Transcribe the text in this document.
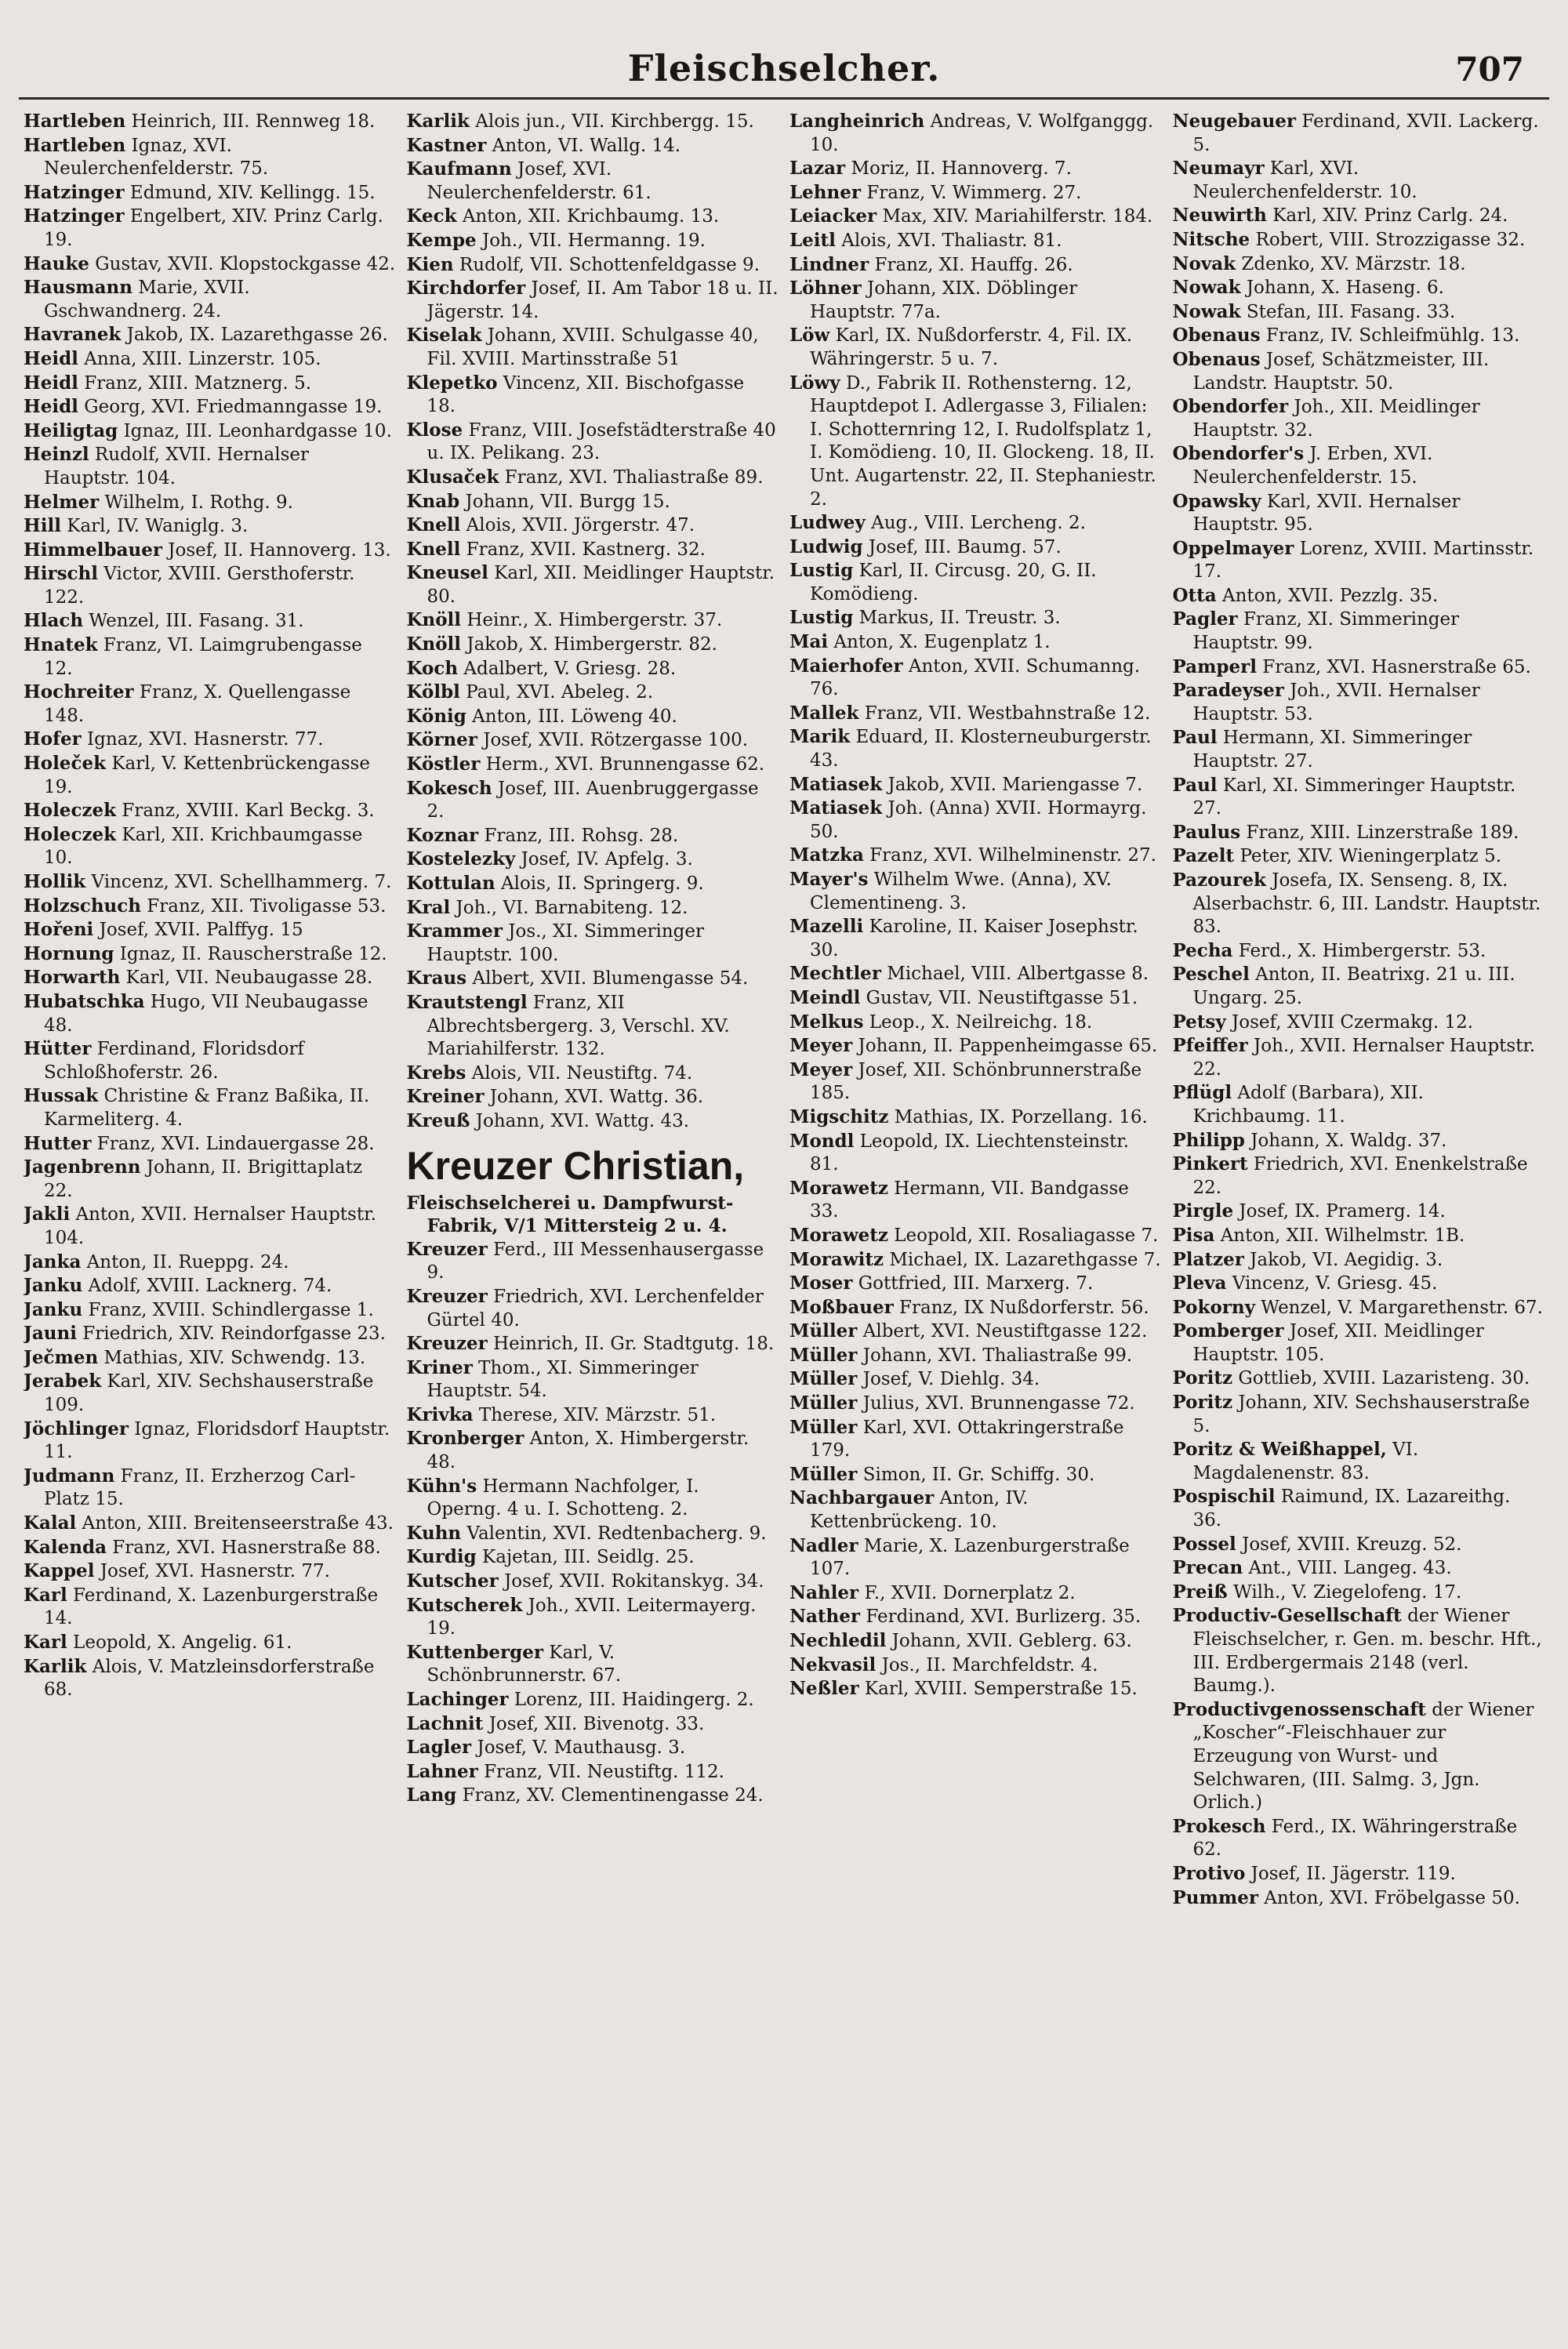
Fleischselcher.	707

Hartleben Heinrich, III. Rennweg 18.

Hartleben Ignaz, XVI. Neulerchenfelderstr. 75.

Hatzinger Edmund, XIV. Kellingg. 15.

Hatzinger Engelbert, XIV. Prinz Carlg. 19.

Hauke Gustav, XVII. Klopstockgasse 42.

Hausmann Marie, XVII. Gschwandnerg. 24.

Havranek Jakob, IX. Lazarethgasse 26.

Heidl Anna, XIII. Linzerstr. 105.

Heidl Franz, XIII. Matznerg. 5.

Heidl Georg, XVI. Friedmanngasse 19.

Heiligtag Ignaz, III. Leonhardgasse 10.

Heinzl Rudolf, XVII. Hernalser Hauptstr. 104.

Helmer Wilhelm, I. Rothg. 9.

Hill Karl, IV. Waniglg. 3.

Himmelbauer Josef, II. Hannoverg. 13.

Hirschl Victor, XVIII. Gersthoferstr. 122.

Hlach Wenzel, III. Fasang. 31.

Hnatek Franz, VI. Laimgrubengasse 12.

Hochreiter Franz, X. Quellengasse 148.

Hofer Ignaz, XVI. Hasnerstr. 77.

Holeček Karl, V. Kettenbrückengasse 19.

Holeczek Franz, XVIII. Karl Beckg. 3.

Holeczek Karl, XII. Krichbaumgasse 10.

Hollik Vincenz, XVI. Schellhammerg. 7.

Holzschuch Franz, XII. Tivoligasse 53.

Hořeni Josef, XVII. Palffyg. 15

Hornung Ignaz, II. Rauscherstraße 12.

Horwarth Karl, VII. Neubaugasse 28.

Hubatschka Hugo, VII Neubaugasse 48.

Hütter Ferdinand, Floridsdorf Schloßhoferstr. 26.

Hussak Christine & Franz Baßika, II. Karmeliterg. 4.

Hutter Franz, XVI. Lindauergasse 28.

Jagenbrenn Johann, II. Brigittaplatz 22.

Jakli Anton, XVII. Hernalser Hauptstr. 104.

Janka Anton, II. Rueppg. 24.

Janku Adolf, XVIII. Lacknerg. 74.

Janku Franz, XVIII. Schindlergasse 1.

Jauni Friedrich, XIV. Reindorfgasse 23.

Ječmen Mathias, XIV. Schwendg. 13.

Jerabek Karl, XIV. Sechshauserstraße 109.

Jöchlinger Ignaz, Floridsdorf Hauptstr. 11.

Judmann Franz, II. Erzherzog Carl-Platz 15.

Kalal Anton, XIII. Breitenseerstraße 43.

Kalenda Franz, XVI. Hasnerstraße 88.

Kappel Josef, XVI. Hasnerstr. 77.

Karl Ferdinand, X. Lazenburgerstraße 14.

Karl Leopold, X. Angelig. 61.

Karlik Alois, V. Matzleinsdorferstraße 68.

Karlik Alois jun., VII. Kirchbergg. 15.

Kastner Anton, VI. Wallg. 14.

Kaufmann Josef, XVI. Neulerchenfelderstr. 61.

Keck Anton, XII. Krichbaumg. 13.

Kempe Joh., VII. Hermanng. 19.

Kien Rudolf, VII. Schottenfeldgasse 9.

Kirchdorfer Josef, II. Am Tabor 18 u. II. Jägerstr. 14.

Kiselak Johann, XVIII. Schulgasse 40, Fil. XVIII. Martinsstraße 51

Klepetko Vincenz, XII. Bischofgasse 18.

Klose Franz, VIII. Josefstädterstraße 40 u. IX. Pelikang. 23.

Klusaček Franz, XVI. Thaliastraße 89.

Knab Johann, VII. Burgg 15.

Knell Alois, XVII. Jörgerstr. 47.

Knell Franz, XVII. Kastnerg. 32.

Kneusel Karl, XII. Meidlinger Hauptstr. 80.

Knöll Heinr., X. Himbergerstr. 37.

Knöll Jakob, X. Himbergerstr. 82.

Koch Adalbert, V. Griesg. 28.

Kölbl Paul, XVI. Abeleg. 2.

König Anton, III. Löweng 40.

Körner Josef, XVII. Rötzergasse 100.

Köstler Herm., XVI. Brunnengasse 62.

Kokesch Josef, III. Auenbruggergasse 2.

Koznar Franz, III. Rohsg. 28.

Kostelezky Josef, IV. Apfelg. 3.

Kottulan Alois, II. Springerg. 9.

Kral Joh., VI. Barnabiteng. 12.

Krammer Jos., XI. Simmeringer Hauptstr. 100.

Kraus Albert, XVII. Blumengasse 54.

Krautstengl Franz, XII Albrechtsbergerg. 3, Verschl. XV. Mariahilferstr. 132.

Krebs Alois, VII. Neustiftg. 74.

Kreiner Johann, XVI. Wattg. 36.

Kreuß Johann, XVI. Wattg. 43.

Kreuzer Christian,

Fleischselcherei u. Dampfwurst-Fabrik, V/1 Mittersteig 2 u. 4.

Kreuzer Ferd., III Messenhausergasse 9.

Kreuzer Friedrich, XVI. Lerchenfelder Gürtel 40.

Kreuzer Heinrich, II. Gr. Stadtgutg. 18.

Kriner Thom., XI. Simmeringer Hauptstr. 54.

Krivka Therese, XIV. Märzstr. 51.

Kronberger Anton, X. Himbergerstr. 48.

Kühn's Hermann Nachfolger, I. Operng. 4 u. I. Schotteng. 2.

Kuhn Valentin, XVI. Redtenbacherg. 9.

Kurdig Kajetan, III. Seidlg. 25.

Kutscher Josef, XVII. Rokitanskyg. 34.

Kutscherek Joh., XVII. Leitermayerg. 19.

Kuttenberger Karl, V. Schönbrunnerstr. 67.

Lachinger Lorenz, III. Haidingerg. 2.

Lachnit Josef, XII. Bivenotg. 33.

Lagler Josef, V. Mauthausg. 3.

Lahner Franz, VII. Neustiftg. 112.

Lang Franz, XV. Clementinengasse 24.

Langheinrich Andreas, V. Wolfganggg. 10.

Lazar Moriz, II. Hannoverg. 7.

Lehner Franz, V. Wimmerg. 27.

Leiacker Max, XIV. Mariahilferstr. 184.

Leitl Alois, XVI. Thaliastr. 81.

Lindner Franz, XI. Hauffg. 26.

Löhner Johann, XIX. Döblinger Hauptstr. 77a.

Löw Karl, IX. Nußdorferstr. 4, Fil. IX. Währingerstr. 5 u. 7.

Löwy D., Fabrik II. Rothensterng. 12, Hauptdepot I. Adlergasse 3, Filialen: I. Schotternring 12, I. Rudolfsplatz 1, I. Komödieng. 10, II. Glockeng. 18, II. Unt. Augartenstr. 22, II. Stephaniestr. 2.

Ludwey Aug., VIII. Lercheng. 2.

Ludwig Josef, III. Baumg. 57.

Lustig Karl, II. Circusg. 20, G. II. Komödieng.

Lustig Markus, II. Treustr. 3.

Mai Anton, X. Eugenplatz 1.

Maierhofer Anton, XVII. Schumanng. 76.

Mallek Franz, VII. Westbahnstraße 12.

Marik Eduard, II. Klosterneuburgerstr. 43.

Matiasek Jakob, XVII. Mariengasse 7.

Matiasek Joh. (Anna) XVII. Hormayrg. 50.

Matzka Franz, XVI. Wilhelminenstr. 27.

Mayer's Wilhelm Wwe. (Anna), XV. Clementineng. 3.

Mazelli Karoline, II. Kaiser Josephstr. 30.

Mechtler Michael, VIII. Albertgasse 8.

Meindl Gustav, VII. Neustiftgasse 51.

Melkus Leop., X. Neilreichg. 18.

Meyer Johann, II. Pappenheimgasse 65.

Meyer Josef, XII. Schönbrunnerstraße 185.

Migschitz Mathias, IX. Porzellang. 16.

Mondl Leopold, IX. Liechtensteinstr. 81.

Morawetz Hermann, VII. Bandgasse 33.

Morawetz Leopold, XII. Rosaliagasse 7.

Morawitz Michael, IX. Lazarethgasse 7.

Moser Gottfried, III. Marxerg. 7.

Moßbauer Franz, IX Nußdorferstr. 56.

Müller Albert, XVI. Neustiftgasse 122.

Müller Johann, XVI. Thaliastraße 99.

Müller Josef, V. Diehlg. 34.

Müller Julius, XVI. Brunnengasse 72.

Müller Karl, XVI. Ottakringerstraße 179.

Müller Simon, II. Gr. Schiffg. 30.

Nachbargauer Anton, IV. Kettenbrückeng. 10.

Nadler Marie, X. Lazenburgerstraße 107.

Nahler F., XVII. Dornerplatz 2.

Nather Ferdinand, XVI. Burlizerg. 35.

Nechledil Johann, XVII. Geblerg. 63.

Nekvasil Jos., II. Marchfeldstr. 4.

Neßler Karl, XVIII. Semperstraße 15.

Neugebauer Ferdinand, XVII. Lackerg. 5.

Neumayr Karl, XVI. Neulerchenfelderstr. 10.

Neuwirth Karl, XIV. Prinz Carlg. 24.

Nitsche Robert, VIII. Strozzigasse 32.

Novak Zdenko, XV. Märzstr. 18.

Nowak Johann, X. Haseng. 6.

Nowak Stefan, III. Fasang. 33.

Obenaus Franz, IV. Schleifmühlg. 13.

Obenaus Josef, Schätzmeister, III. Landstr. Hauptstr. 50.

Obendorfer Joh., XII. Meidlinger Hauptstr. 32.

Obendorfer's J. Erben, XVI. Neulerchenfelderstr. 15.

Opawsky Karl, XVII. Hernalser Hauptstr. 95.

Oppelmayer Lorenz, XVIII. Martinsstr. 17.

Otta Anton, XVII. Pezzlg. 35.

Pagler Franz, XI. Simmeringer Hauptstr. 99.

Pamperl Franz, XVI. Hasnerstraße 65.

Paradeyser Joh., XVII. Hernalser Hauptstr. 53.

Paul Hermann, XI. Simmeringer Hauptstr. 27.

Paul Karl, XI. Simmeringer Hauptstr. 27.

Paulus Franz, XIII. Linzerstraße 189.

Pazelt Peter, XIV. Wieningerplatz 5.

Pazourek Josefa, IX. Senseng. 8, IX. Alserbachstr. 6, III. Landstr. Hauptstr. 83.

Pecha Ferd., X. Himbergerstr. 53.

Peschel Anton, II. Beatrixg. 21 u. III. Ungarg. 25.

Petsy Josef, XVIII Czermakg. 12.

Pfeiffer Joh., XVII. Hernalser Hauptstr. 22.

Pflügl Adolf (Barbara), XII. Krichbaumg. 11.

Philipp Johann, X. Waldg. 37.

Pinkert Friedrich, XVI. Enenkelstraße 22.

Pirgle Josef, IX. Pramerg. 14.

Pisa Anton, XII. Wilhelmstr. 1B.

Platzer Jakob, VI. Aegidig. 3.

Pleva Vincenz, V. Griesg. 45.

Pokorny Wenzel, V. Margarethenstr. 67.

Pomberger Josef, XII. Meidlinger Hauptstr. 105.

Poritz Gottlieb, XVIII. Lazaristeng. 30.

Poritz Johann, XIV. Sechshauserstraße 5.

Poritz & Weißhappel, VI. Magdalenenstr. 83.

Pospischil Raimund, IX. Lazareithg. 36.

Possel Josef, XVIII. Kreuzg. 52.

Precan Ant., VIII. Langeg. 43.

Preiß Wilh., V. Ziegelofeng. 17.

Productiv-Gesellschaft der Wiener Fleischselcher, r. Gen. m. beschr. Hft., III. Erdbergermais 2148 (verl. Baumg.).

Productivgenossenschaft der Wiener „Koscher“-Fleischhauer zur Erzeugung von Wurst- und Selchwaren, (III. Salmg. 3, Jgn. Orlich.)

Prokesch Ferd., IX. Währingerstraße 62.

Protivo Josef, II. Jägerstr. 119.

Pummer Anton, XVI. Fröbelgasse 50.
